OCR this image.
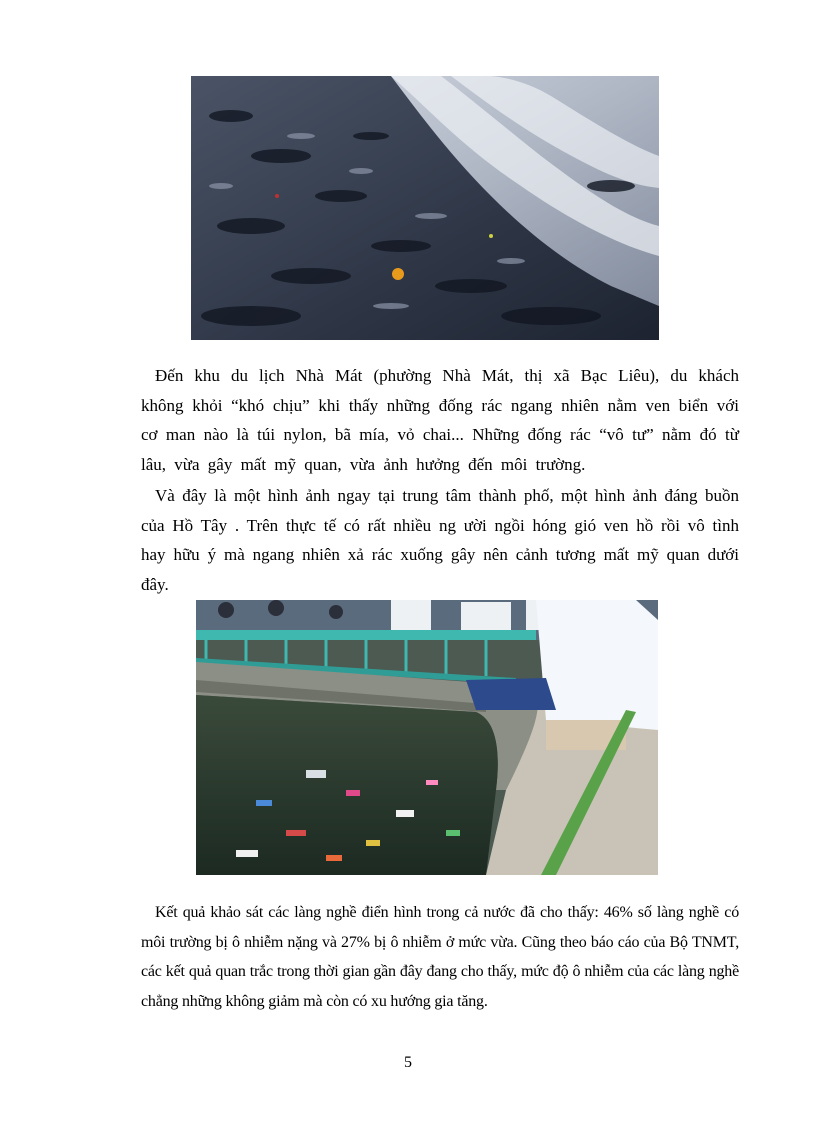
Đến khu du lịch Nhà Mát (phường Nhà Mát, thị xã Bạc Liêu), du khách không khỏi “khó chịu” khi thấy những đống rác ngang nhiên nằm ven biển với cơ man nào là túi nylon, bã mía, vỏ chai... Những đống rác “vô tư” nằm đó từ lâu, vừa gây mất mỹ quan, vừa ảnh hưởng đến môi trường.

Và đây là một hình ảnh ngay tại trung tâm thành phố, một hình ảnh đáng buồn của Hồ Tây . Trên thực tế có rất nhiều ng ười ngồi hóng gió ven hồ rồi vô tình hay hữu ý mà ngang nhiên xả rác xuống gây nên cảnh tương mất mỹ quan dưới đây.

Kết quả khảo sát các làng nghề điển hình trong cả nước đã cho thấy: 46% số làng nghề có môi trường bị ô nhiễm nặng và 27% bị ô nhiễm ở mức vừa. Cũng theo báo cáo của Bộ TNMT, các kết quả quan trắc trong thời gian gần đây đang cho thấy, mức độ ô nhiễm của các làng nghề chẳng những không giảm mà còn có xu hướng gia tăng.

5
